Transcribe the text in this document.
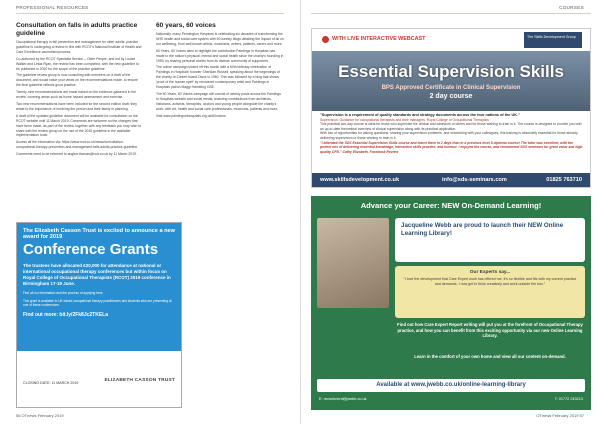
PROFESSIONAL RESOURCES
Consultation on falls in adults practice guideline

Occupational therapy in fall prevention and management for older adults: practice guideline is undergoing a review in line with RCOT's National Institute of Health and Care Excellence-accredited process.

Co-authored by the RCOT Specialist Section – Older People, and led by Louise Walker and Linda Ryan, the review has been completed, with the new guideline to be published in 2020 for the scope of the practice guideline.

The guideline review group is now consulting with members on a draft of the document, and would value your views on the recommendations made, to ensure the final guideline reflects good practice.

Twenty-nine recommendations are made based on the evidence gathered in the review, covering areas such as home hazard assessment and exercise.

Two new recommendations have been included for the second edition draft; they relate to the importance of involving the person and their family in planning.

A draft of the updated guideline document will be available for consultation on the RCOT website until 11 March 2019. Comments are welcome on the changes that have been made, as part of the review, together with any feedback you may wish to share with the review group on the use of the 2015 guideline in the available implementation tools.

Access all the information via: https://www.rcot.co.uk/news/consultation-occupational-therapy-prevention-and-management-falls-adults-practice-guideline.

Comments need to be returned to anglea.thomas@rcot.co.uk by 11 March 2019.

60 years, 60 voices

Nationally, many Pennington Hospices is celebrating six decades of transforming the NHS health and social care system with 60 weekly blogs detailing the impact of all on our wellbeing, from well-known artists, musicians, writers, patients, carers and more.

60 Years, 60 Voices aims to highlight the contribution Paintings in Hospitals has made to the nation's physical, mental and social health since the charity's founding in 1959, by sharing personal stories from its diverse community of supporters.

The online campaign kicked off this month with a 60th birthday celebration of Paintings in Hospitals' founder Sheridan Russell, speaking about the beginnings of the charity on Desert Island Discs in 1960. This was followed by a blog that shows 'proof of the human spirit' by renowned contemporary artist and Paintings in Hospitals patron Maggi Hambling CBE.

The 60 Years, 60 Voices campaign will consist of weekly posts across the Paintings in Hospitals website and social media, featuring contributions from architects, historians, activists, therapists, doctors and young people alongside the charity's work, with art, health and social care professionals, museums, patients and more.

Visit www.paintingsinhospitals.org.uk/60voices

The Elizabeth Casson Trust is excited to announce a new award for 2019
Conference Grants
The trustees have allocated £20,000 for attendance at national or international occupational therapy conferences but within focus on Royal College of Occupational Therapists (RCOT) 2019 conference in Birmingham 17-19 June.
Find all our information and the process of applying here.
This grant is available to UK based occupational therapy practitioners and students who are presenting at one of these conferences.
Find out more: bit.ly/2Fk8Jc2TKELa
CLOSING DATE: 11 MARCH 2019	ELIZABETH CASSON TRUST
56 OTnews February 2019
COURSES
WITH LIVE INTERACTIVE WEBCAST	The Skills Development Group
Essential Supervision Skills
BPS Approved Certificate in Clinical Supervision
2 day course

"Supervision is a requirement of quality standards and strategy documents across the four nations of the UK."

Supervision: Guidance for occupational therapists and their managers, Royal College of Occupational Therapists

This practical two-day course is ideal for those who supervise the clinical and casework of others and for those wishing to train in it. The course is designed to provide you with an up-to-date theoretical overview of clinical supervision along with its practical application.

With lots of opportunities for asking questions, sharing your supervision problems, and networking with your colleagues, this training is absolutely essential for those already delivering supervision or those wishing to train in it.

"I attended the SDS Essential Supervision Skills course and learnt there in 2 days than in a previous level 8 diploma course! The tutor was excellent, with the perfect mix of delivering essential knowledge, interactive skills practice, and humour. I enjoyed the course, and recommend SDS seminars for great value and high quality CPD." Cathy Elizabeth, Facebook Review

www.skillsdevelopment.co.uk	info@sds-seminars.com	01825 763710
Advance your Career: NEW On-Demand Learning!
Jacqueline Webb are proud to launch their NEW Online Learning Library!
Our Experts say...
"I love the development that Care Expert work has offered me, it's so flexible and fits with my current practice and demands. I now get to think creatively and work outside the box."
Find out how Care Expert Report writing will put you at the forefront of Occupational Therapy practice, and how you can benefit from this exciting opportunity via our new Online Learning Library.
Learn in the comfort of your own home and view all our content on-demand.
Available at www.jwebb.co.uk/online-learning-library
E: recruitment@jwebb.co.uk	T: 01772 243213
OTnews February 2019 57
